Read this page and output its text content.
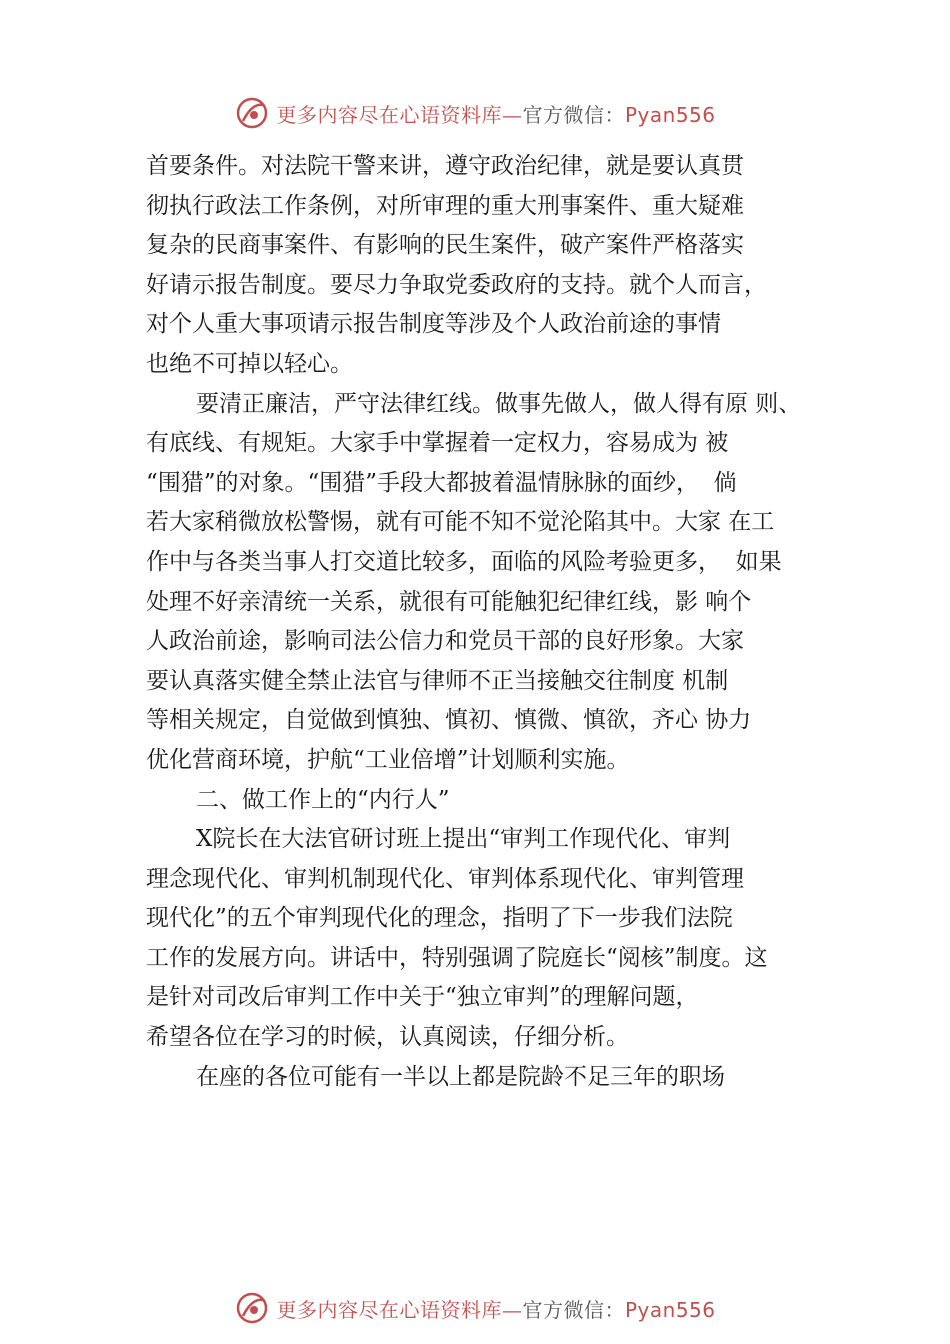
更多内容尽在心语资料库—官方微信：Pyan556
首要条件。对法院干警来讲，遵守政治纪律，就是要认真贯
彻执行政法工作条例，对所审理的重大刑事案件、重大疑难
复杂的民商事案件、有影响的民生案件，破产案件严格落实
好请示报告制度。要尽力争取党委政府的支持。就个人而言，
对个人重大事项请示报告制度等涉及个人政治前途的事情
也绝不可掉以轻心。
要清正廉洁，严守法律红线。做事先做人，做人得有原 则、
有底线、有规矩。大家手中掌握着一定权力，容易成为 被
“围猎”的对象。“围猎”手段大都披着温情脉脉的面纱，  倘
若大家稍微放松警惕，就有可能不知不觉沦陷其中。大家 在工
作中与各类当事人打交道比较多，面临的风险考验更多，  如果
处理不好亲清统一关系，就很有可能触犯纪律红线，影 响个
人政治前途，影响司法公信力和党员干部的良好形象。大家
要认真落实健全禁止法官与律师不正当接触交往制度 机制
等相关规定，自觉做到慎独、慎初、慎微、慎欲，齐心 协力
优化营商环境，护航“工业倍增”计划顺利实施。
二、做工作上的“内行人”
X院长在大法官研讨班上提出“审判工作现代化、审判
理念现代化、审判机制现代化、审判体系现代化、审判管理
现代化”的五个审判现代化的理念，指明了下一步我们法院
工作的发展方向。讲话中，特别强调了院庭长“阅核”制度。这
是针对司改后审判工作中关于“独立审判”的理解问题，
希望各位在学习的时候，认真阅读，仔细分析。
在座的各位可能有一半以上都是院龄不足三年的职场
更多内容尽在心语资料库—官方微信：Pyan556
